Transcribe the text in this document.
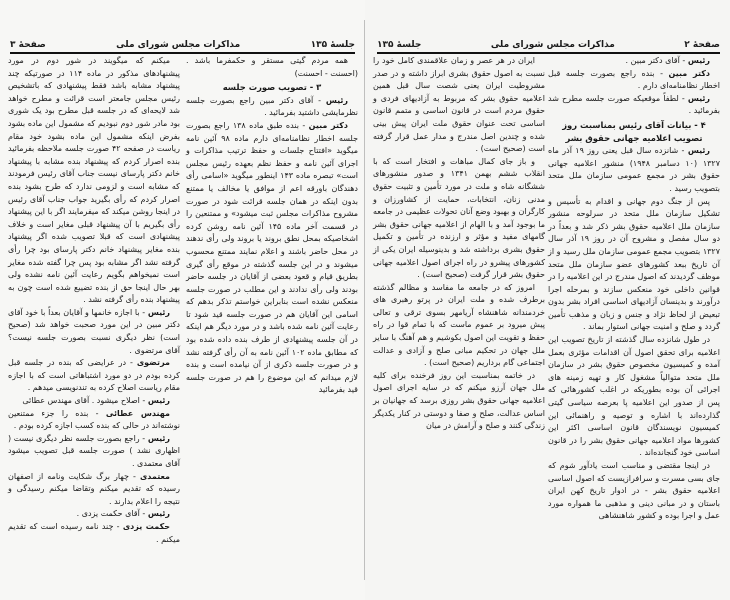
جلسهٔ ۱۳۵
مذاکرات مجلس شورای ملی
صفحهٔ ۳

همه مردم گیتی مستقر و حکمفرما باشد . (احسنت - احسنت)

۳ - تصویب صورت جلسه

رئیس - آقای دکتر مبین راجع بصورت جلسه نظرمایشی داشتید بفرمائید .

دکتر مبین - بنده طبق ماده ۱۳۸ راجع بصورت جلسه اخطار نظامنامه‌ای دارم ماده ۹۸ آئین نامه میگوید «افتتاح جلسات و حفظ ترتیب مذاکرات و اجرای آئین نامه و حفظ نظم بعهده رئیس مجلس است» تبصره ماده ۱۴۳ اینطور میگوید «اسامی رأی دهندگان باورقه اعم از موافق یا مخالف یا ممتنع بدون اینکه در همان جلسه قرائت شود در صورت مشروح مذاکرات مجلس ثبت میشود» و ممتنعین را در قسمت آخر ماده ۱۴۵ آئین نامه روشن کرده اشخاصیکه بمحل نطق بروند یا بروند ولی رأی ندهند در محل حاضر باشند و اعلام نمایند ممتنع محسوب میشوند و در این جلسه گذشته در موقع رأی گیری بطریق قیام و قعود بعضی از آقایان در جلسه حاضر بودند ولی رأی ندادند و این مطلب در صورت جلسه منعکس نشده است بنابراین خواستم تذکر بدهم که اسامی این آقایان هم در صورت جلسه قید شود تا رعایت آئین نامه شده باشد و در مورد دیگر هم اینکه در آن جلسه پیشنهادی از طرف بنده داده شده بود که مطابق ماده ۱۰۲ آئین نامه به آن رأی گرفته نشد و در صورت جلسه ذکری از آن نیامده است و بنده لازم میدانم که این موضوع را هم در صورت جلسه قید بفرمائید

میکنم که میگویند در شور دوم در مورد پیشنهادهای مذکور در ماده ۱۱۴ در صورتیکه چند پیشنهاد مشابه باشد فقط پیشنهادی که باتشخیص رئیس مجلس جامعتر است قرائت و مطرح خواهد شد لایحه‌ای که در جلسه قبل مطرح بود یک شوری بود مادر شور دوم نبودیم که مشمول این ماده بشود بفرض اینکه مشمول این ماده بشود خود مقام ریاست در صفحه ۴۲ صورت جلسه ملاحظه بفرمائید بنده اصرار کردم که پیشنهاد بنده مشابه با پیشنهاد خانم دکتر پارسای نیست جناب آقای رئیس فرمودند که مشابه است و لزومی ندارد که طرح بشود بنده اصرار کردم که رأی بگیرید جواب جناب آقای رئیس در اینجا روشن میکند که میفرمایند اگر با این پیشنهاد رأی بگیریم با آن پیشنهاد قبلی مغایر است و خلاف پیشنهادی است که قبلا تصویب شده اگر پیشنهاد بنده مغایر پیشنهاد خانم دکتر پارسای بود چرا رأی گرفته نشد اگر مشابه بود پس چرا گفته شده مغایر است نمیخواهم بگویم رعایت آئین نامه نشده ولی بهر حال اینجا حق از بنده تضییع شده است چون به پیشنهاد بنده رأی گرفته نشد .

رئیس - با اجازه خانمها و آقایان بعداً با خود آقای دکتر مبین در این مورد صحبت خواهد شد (صحیح است) نظر دیگری نسبت بصورت جلسه نیست؟ آقای مرتضوی .

مرتضوی - در عرایضی که بنده در جلسه قبل کرده بودم در دو مورد اشتباهاتی است که با اجازه مقام ریاست اصلاح کرده به تندنویسی میدهم .

رئیس - اصلاح میشود . آقای مهندس عطائی

مهندس عطائی - بنده را جزء ممتنعین نوشته‌اند در حالی که بنده کسب اجازه کرده بودم .

رئیس - راجع بصورت جلسه نظر دیگری نیست ( اظهاری نشد ) صورت جلسه قبل تصویب میشود آقای معتمدی .

معتمدی - چهار برگ شکایت ونامه از اصفهان رسیده که تقدیم میکنم وتقاضا میکنم رسیدگی و نتیجه را اعلام بدارند .

رئیس - آقای حکمت یزدی .

حکمت یزدی - چند نامه رسیده است که تقدیم میکنم .

صفحهٔ ۲
مذاکرات مجلس شورای ملی
جلسهٔ ۱۳۵

رئیس - آقای دکتر مبین .

دکتر مبین - بنده راجع بصورت جلسه قبل اخطار نظامنامه‌ای دارم .

رئیس - لطفاً موقعیکه صورت جلسه مطرح شد بفرمائید .

۴ - بیانات آقای رئیس بمناسبت روز تصویب اعلامیه جهانی حقوق بشر

رئیس - شانزده سال قبل یعنی روز ۱۹ آذر ماه ۱۳۲۷ (۱۰ دسامبر ۱۹۴۸) منشور اعلامیه جهانی حقوق بشر در مجمع عمومی سازمان ملل متحد بتصویب رسید .

پس از جنگ دوم جهانی و اقدام به تأسیس و تشکیل سازمان ملل متحد در سرلوحه منشور سازمان ملل اعلامیه حقوق بشر ذکر شد و بعداً در دو سال مفصل و مشروح آن در روز ۱۹ آذر سال ۱۳۲۷ بتصویب مجمع عمومی سازمان ملل رسید و از آن تاریخ ببعد کشورهای عضو سازمان ملل متحد موظف گردیدند که اصول مندرج در این اعلامیه را در قوانین داخلی خود منعکس سازند و بمرحله اجرا درآورند و بدینسان آزادیهای اساسی افراد بشر بدون تبعیض از لحاظ نژاد و جنس و زبان و مذهب تأمین گردد و صلح و امنیت جهانی استوار بماند .

در طول شانزده سال گذشته از تاریخ تصویب این اعلامیه برای تحقق اصول آن اقدامات مؤثری بعمل آمده و کمیسیون مخصوص حقوق بشر در سازمان ملل متحد متوالیاً مشغول کار و تهیه زمینه های اجرائی آن بوده بطوریکه در اغلب کشورهائی که پس از صدور این اعلامیه پا بعرصه سیاسی گیتی گذارده‌اند با اشاره و توصیه و راهنمائی این کمیسیون نویسندگان قانون اساسی اکثر این کشورها مواد اعلامیه جهانی حقوق بشر را در قانون اساسی خود گنجانده‌اند .

در اینجا مقتضی و مناسب است یادآور شوم که جای بسی مسرت و سرافرازیست که اصول اساسی اعلامیه حقوق بشر - در ادوار تاریخ کهن ایران باستان و در مبانی دینی و مذهبی ما همواره مورد عمل و اجرا بوده و کشور شاهنشاهی

ایران در هر عصر و زمان علاقمندی کامل خود را نسبت به اصول حقوق بشری ابراز داشته و در صدر مشروطیت ایران یعنی شصت سال قبل همین اعلامیه حقوق بشر که مربوط به آزادیهای فردی و حقوق مردم است در قانون اساسی و متمم قانون اساسی تحت عنوان حقوق ملت ایران پیش بینی شده و چندین اصل مندرج و مدار عمل قرار گرفته است (صحیح است) .

و باز جای کمال مباهات و افتخار است که با انقلاب ششم بهمن ۱۳۴۱ و صدور منشورهای ششگانه شاه و ملت در مورد تأمین و تثبیت حقوق مدنی زنان، انتخابات، حمایت از کشاورزان و کارگران و بهبود وضع آنان تحولات عظیمی در جامعه ما بوجود آمد و با الهام از اعلامیه جهانی حقوق بشر گامهای مفید و مؤثر و ارزنده در تأمین و تکمیل حقوق بشری برداشته شد و بدینوسیله ایران یکی از کشورهای پیشرو در راه اجرای اصول اعلامیه جهانی حقوق بشر قرار گرفت (صحیح است) .

امروز که در جامعه ما مفاسد و مظالم گذشته برطرف شده و ملت ایران در پرتو رهبری های خردمندانه شاهنشاه آریامهر بسوی ترقی و تعالی پیش میرود بر عموم ماست که با تمام قوا در راه حفظ و تقویت این اصول بکوشیم و هم آهنگ با سایر ملل جهان در تحکیم مبانی صلح و آزادی و عدالت اجتماعی گام برداریم (صحیح است) .

در خاتمه بمناسبت این روز فرخنده برای کلیه ملل جهان آرزو میکنم که در سایه اجرای اصول اعلامیه جهانی حقوق بشر روزی برسد که جهانیان بر اساس عدالت، صلح و صفا و دوستی در کنار یکدیگر زندگی کنند و صلح و آرامش در میان
